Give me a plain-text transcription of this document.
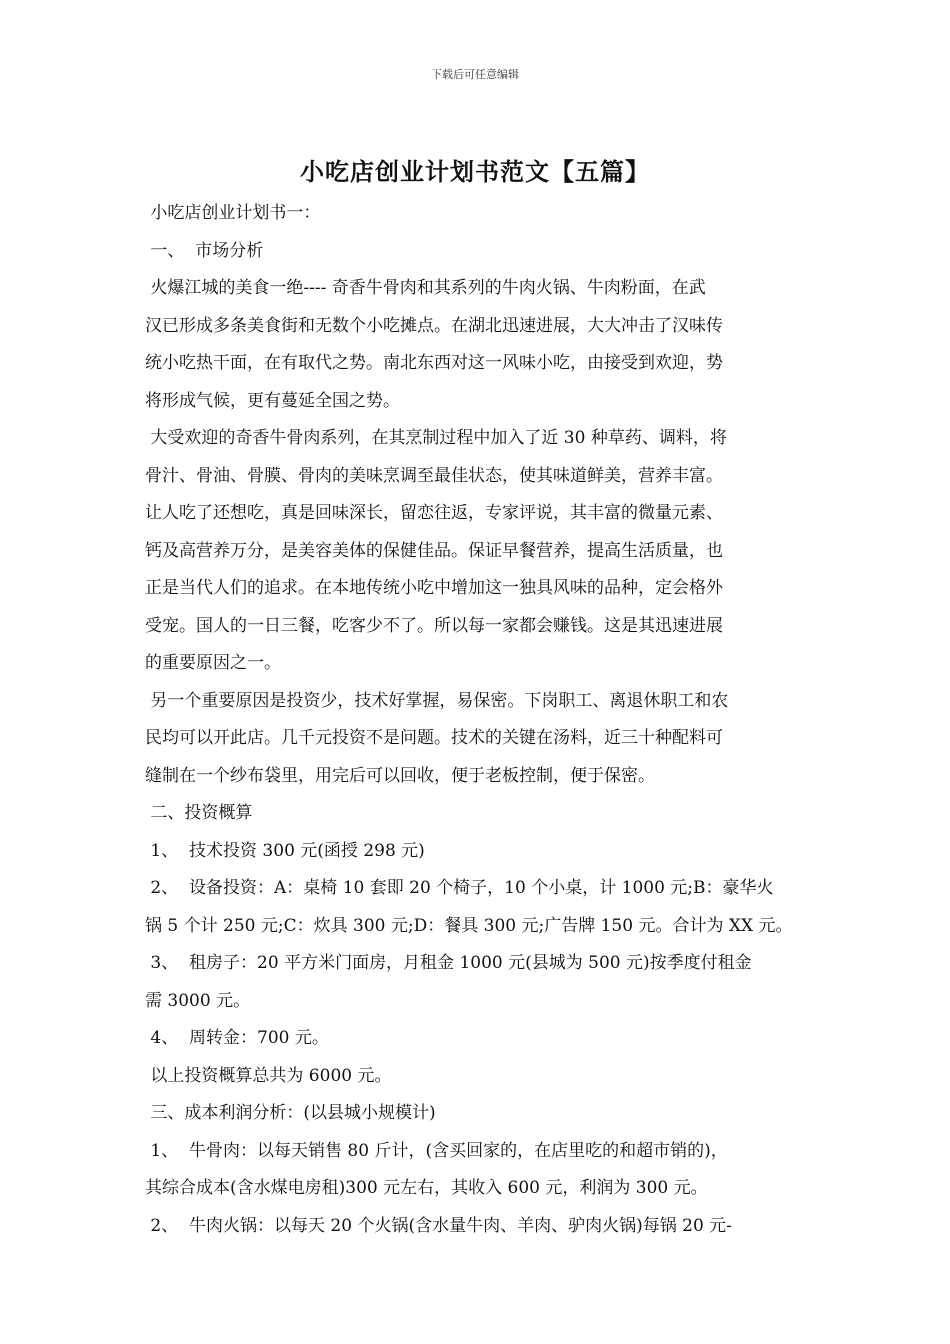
下载后可任意编辑
小吃店创业计划书范文【五篇】
小吃店创业计划书一：
一、  市场分析
火爆江城的美食一绝---- 奇香牛骨肉和其系列的牛肉火锅、牛肉粉面，在武
汉已形成多条美食街和无数个小吃摊点。在湖北迅速进展，大大冲击了汉味传
统小吃热干面，在有取代之势。南北东西对这一风味小吃，由接受到欢迎，势
将形成气候，更有蔓延全国之势。
大受欢迎的奇香牛骨肉系列，在其烹制过程中加入了近 30 种草药、调料，将
骨汁、骨油、骨膜、骨肉的美味烹调至最佳状态，使其味道鲜美，营养丰富。
让人吃了还想吃，真是回味深长，留恋往返，专家评说，其丰富的微量元素、
钙及高营养万分，是美容美体的保健佳品。保证早餐营养，提高生活质量，也
正是当代人们的追求。在本地传统小吃中增加这一独具风味的品种，定会格外
受宠。国人的一日三餐，吃客少不了。所以每一家都会赚钱。这是其迅速进展
的重要原因之一。
另一个重要原因是投资少，技术好掌握，易保密。下岗职工、离退休职工和农
民均可以开此店。几千元投资不是问题。技术的关键在汤料，近三十种配料可
缝制在一个纱布袋里，用完后可以回收，便于老板控制，便于保密。
二、投资概算
1、  技术投资 300 元(函授 298 元)
2、  设备投资：A：桌椅 10 套即 20 个椅子，10 个小桌，计 1000 元;B：豪华火
锅 5 个计 250 元;C：炊具 300 元;D：餐具 300 元;广告牌 150 元。合计为 XX 元。
3、  租房子：20 平方米门面房，月租金 1000 元(县城为 500 元)按季度付租金
需 3000 元。
4、  周转金：700 元。
以上投资概算总共为 6000 元。
三、成本利润分析：(以县城小规模计)
1、  牛骨肉：以每天销售 80 斤计，(含买回家的，在店里吃的和超市销的)，
其综合成本(含水煤电房租)300 元左右，其收入 600 元，利润为 300 元。
2、  牛肉火锅：以每天 20 个火锅(含水量牛肉、羊肉、驴肉火锅)每锅 20 元-
